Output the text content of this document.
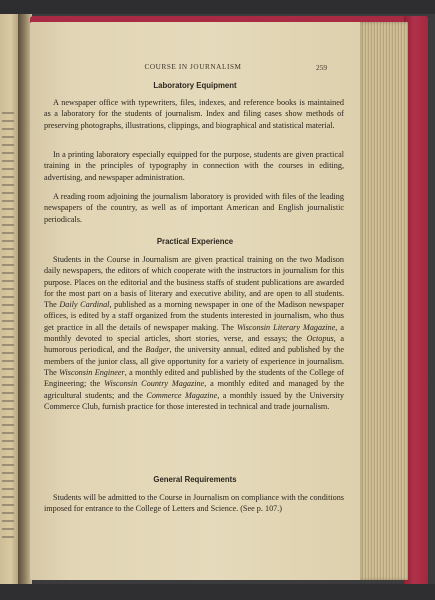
COURSE IN JOURNALISM	259
Laboratory Equipment

A newspaper office with typewriters, files, indexes, and reference books is maintained as a laboratory for the students of journalism. Index and filing cases show methods of preserving photographs, illustrations, clippings, and biographical and statistical material.

In a printing laboratory especially equipped for the purpose, students are given practical training in the principles of typography in connection with the courses in editing, advertising, and newspaper administration.

A reading room adjoining the journalism laboratory is provided with files of the leading newspapers of the country, as well as of important American and English journalistic periodicals.

Practical Experience

Students in the Course in Journalism are given practical training on the two Madison daily newspapers, the editors of which cooperate with the instructors in journalism for this purpose. Places on the editorial and the business staffs of student publications are awarded for the most part on a basis of literary and executive ability, and are open to all students. The Daily Cardinal, published as a morning newspaper in one of the Madison newspaper offices, is edited by a staff organized from the students interested in journalism, who thus get practice in all the details of newspaper making. The Wisconsin Literary Magazine, a monthly devoted to special articles, short stories, verse, and essays; the Octopus, a humorous periodical, and the Badger, the university annual, edited and published by the members of the junior class, all give opportunity for a variety of experience in journalism. The Wisconsin Engineer, a monthly edited and published by the students of the College of Engineering; the Wisconsin Country Magazine, a monthly edited and managed by the agricultural students; and the Commerce Magazine, a monthly issued by the University Commerce Club, furnish practice for those interested in technical and trade journalism.

General Requirements

Students will be admitted to the Course in Journalism on compliance with the conditions imposed for entrance to the College of Letters and Science. (See p. 107.)
